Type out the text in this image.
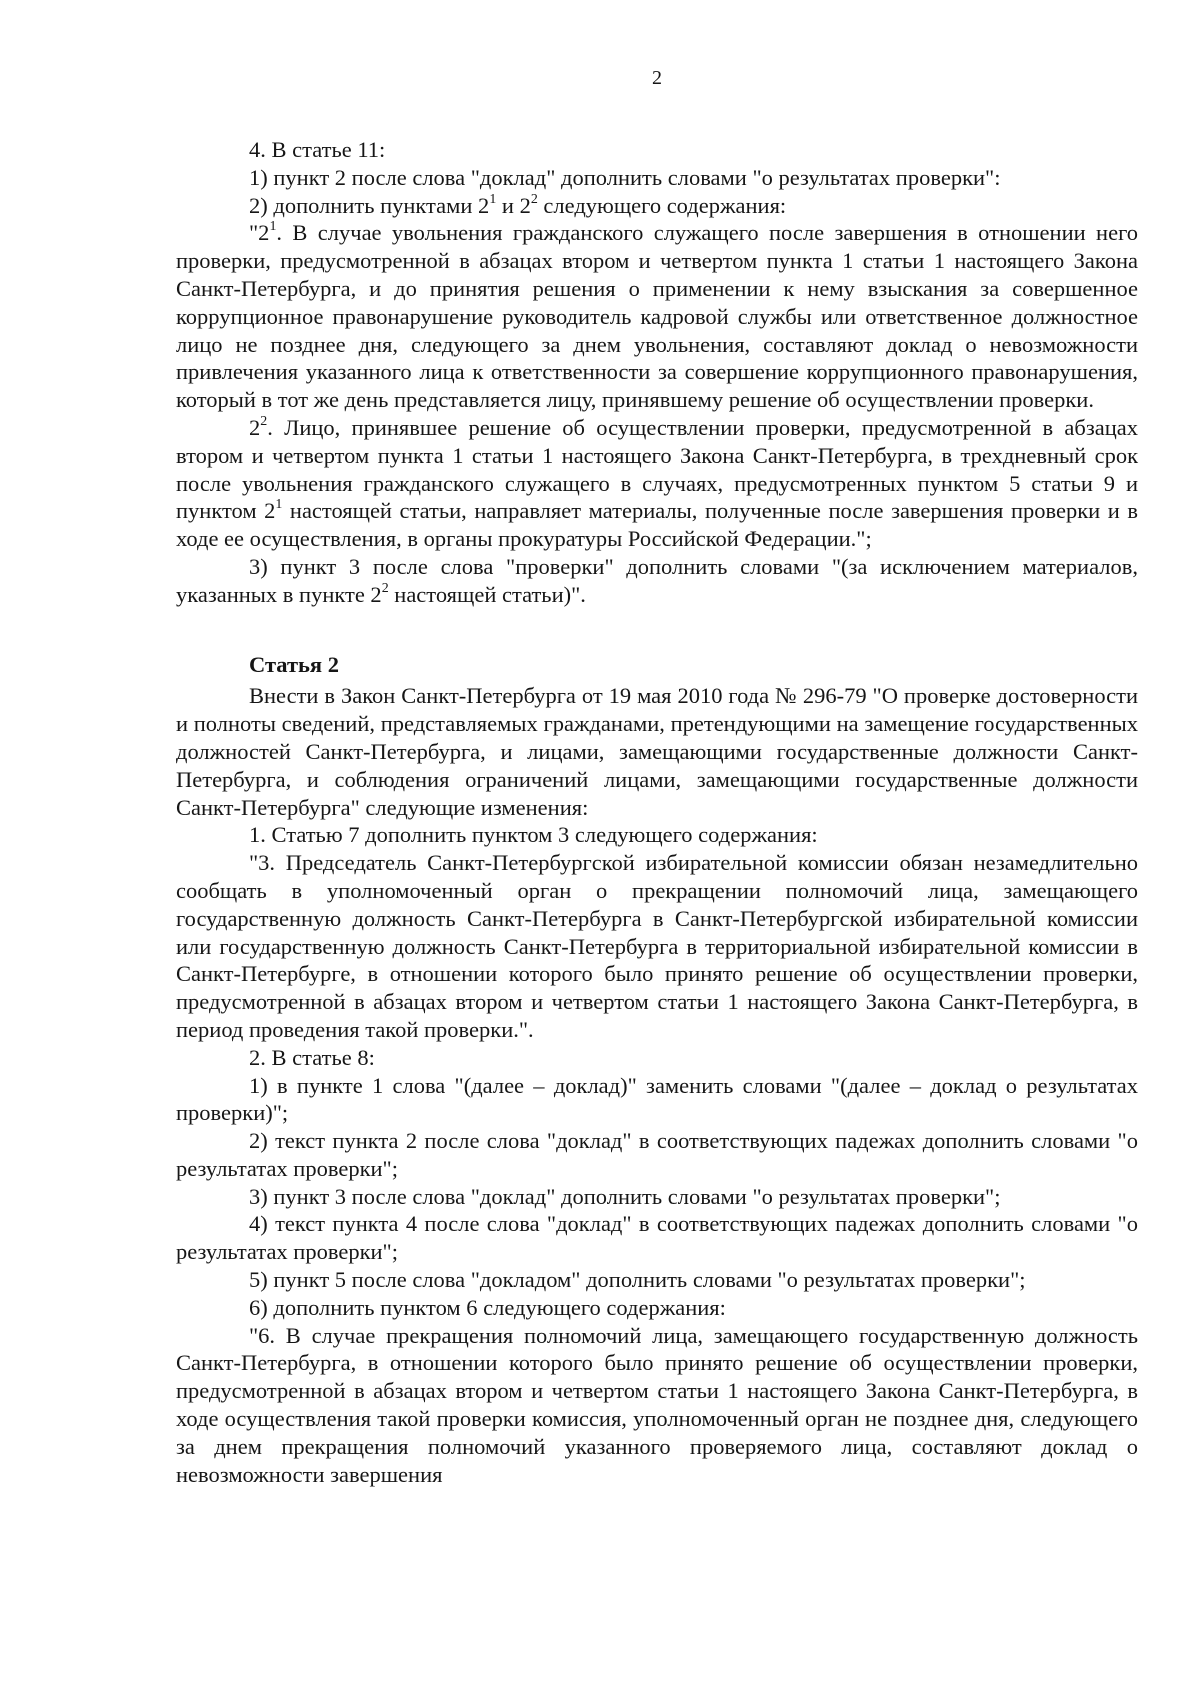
2

4. В статье 11:

1) пункт 2 после слова "доклад" дополнить словами "о результатах проверки":

2) дополнить пунктами $2^1$ и $2^2$ следующего содержания:

"$2^1$. В случае увольнения гражданского служащего после завершения в отношении него проверки, предусмотренной в абзацах втором и четвертом пункта 1 статьи 1 настоящего Закона Санкт-Петербурга, и до принятия решения о применении к нему взыскания за совершенное коррупционное правонарушение руководитель кадровой службы или ответственное должностное лицо не позднее дня, следующего за днем увольнения, составляют доклад о невозможности привлечения указанного лица к ответственности за совершение коррупционного правонарушения, который в тот же день представляется лицу, принявшему решение об осуществлении проверки.

$2^2$. Лицо, принявшее решение об осуществлении проверки, предусмотренной в абзацах втором и четвертом пункта 1 статьи 1 настоящего Закона Санкт-Петербурга, в трехдневный срок после увольнения гражданского служащего в случаях, предусмотренных пунктом 5 статьи 9 и пунктом $2^1$ настоящей статьи, направляет материалы, полученные после завершения проверки и в ходе ее осуществления, в органы прокуратуры Российской Федерации.";

3) пункт 3 после слова "проверки" дополнить словами "(за исключением материалов, указанных в пункте $2^2$ настоящей статьи)".

Статья 2

Внести в Закон Санкт-Петербурга от 19 мая 2010 года № 296-79 "О проверке достоверности и полноты сведений, представляемых гражданами, претендующими на замещение государственных должностей Санкт-Петербурга, и лицами, замещающими государственные должности Санкт-Петербурга, и соблюдения ограничений лицами, замещающими государственные должности Санкт-Петербурга" следующие изменения:

1. Статью 7 дополнить пунктом 3 следующего содержания:

"3. Председатель Санкт-Петербургской избирательной комиссии обязан незамедлительно сообщать в уполномоченный орган о прекращении полномочий лица, замещающего государственную должность Санкт-Петербурга в Санкт-Петербургской избирательной комиссии или государственную должность Санкт-Петербурга в территориальной избирательной комиссии в Санкт-Петербурге, в отношении которого было принято решение об осуществлении проверки, предусмотренной в абзацах втором и четвертом статьи 1 настоящего Закона Санкт-Петербурга, в период проведения такой проверки.".

2. В статье 8:

1) в пункте 1 слова "(далее – доклад)" заменить словами "(далее – доклад о результатах проверки)";

2) текст пункта 2 после слова "доклад" в соответствующих падежах дополнить словами "о результатах проверки";

3) пункт 3 после слова "доклад" дополнить словами "о результатах проверки";

4) текст пункта 4 после слова "доклад" в соответствующих падежах дополнить словами "о результатах проверки";

5) пункт 5 после слова "докладом" дополнить словами "о результатах проверки";

6) дополнить пунктом 6 следующего содержания:

"6. В случае прекращения полномочий лица, замещающего государственную должность Санкт-Петербурга, в отношении которого было принято решение об осуществлении проверки, предусмотренной в абзацах втором и четвертом статьи 1 настоящего Закона Санкт-Петербурга, в ходе осуществления такой проверки комиссия, уполномоченный орган не позднее дня, следующего за днем прекращения полномочий указанного проверяемого лица, составляют доклад о невозможности завершения
